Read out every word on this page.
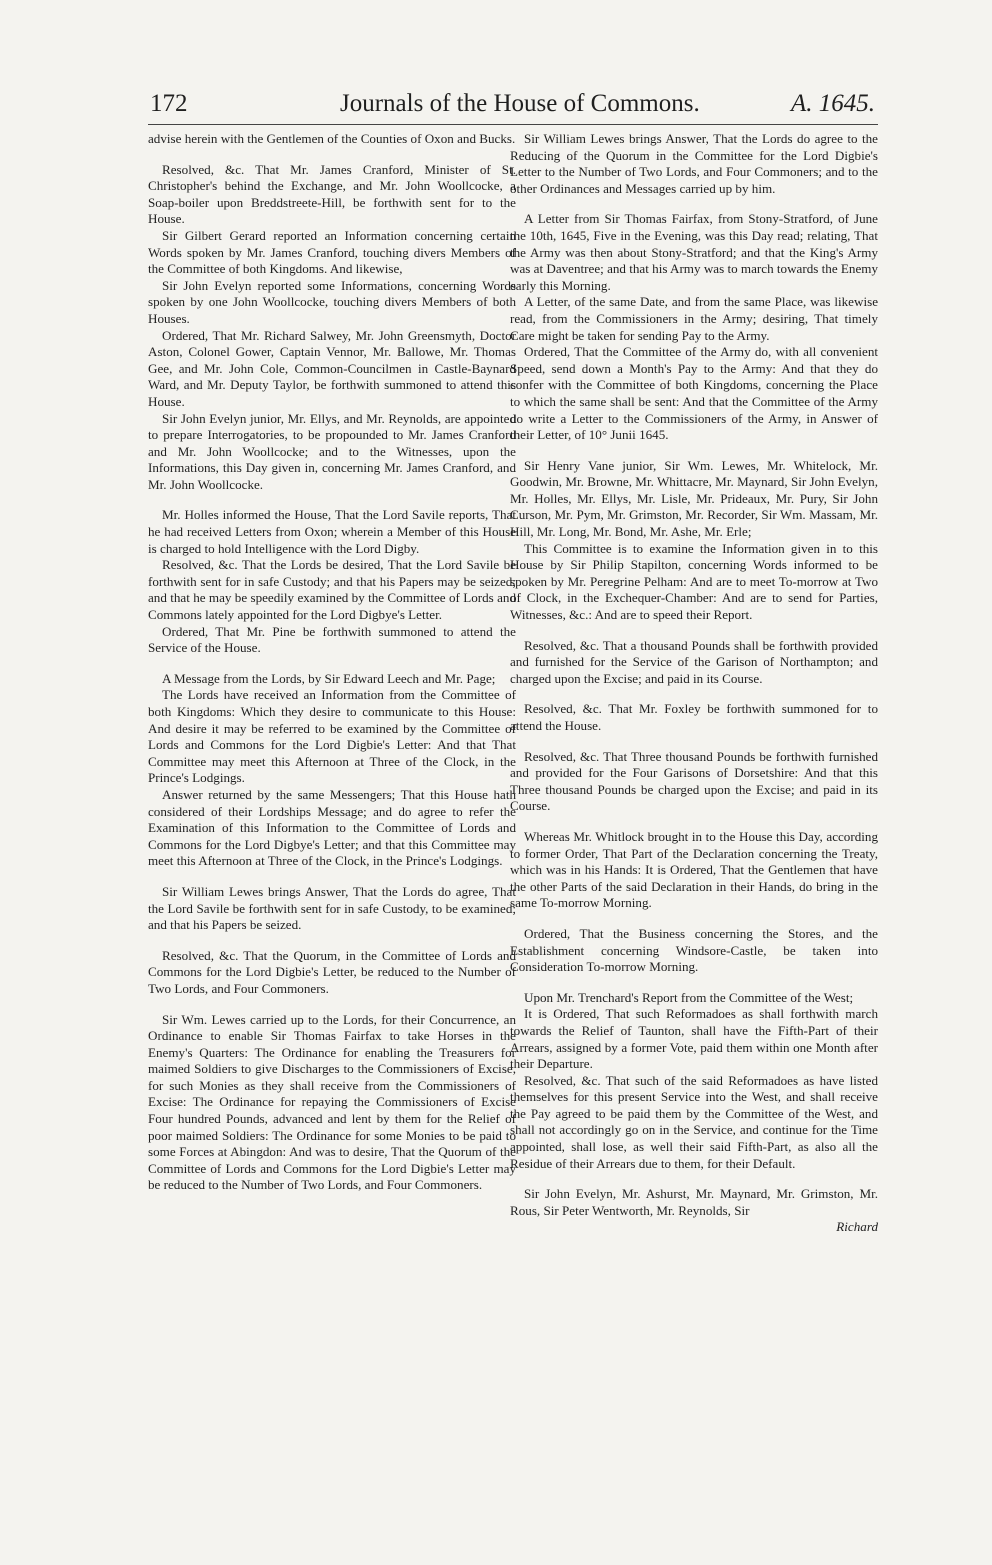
172	Journals of the House of Commons.	A. 1645.

advise herein with the Gentlemen of the Counties of Oxon and Bucks.

Resolved, &c. That Mr. James Cranford, Minister of St. Christopher's behind the Exchange, and Mr. John Woollcocke, a Soap-boiler upon Breddstreete-Hill, be forthwith sent for to the House.

Sir Gilbert Gerard reported an Information concerning certain Words spoken by Mr. James Cranford, touching divers Members of the Committee of both Kingdoms. And likewise,

Sir John Evelyn reported some Informations, concerning Words spoken by one John Woollcocke, touching divers Members of both Houses.

Ordered, That Mr. Richard Salwey, Mr. John Greensmyth, Doctor Aston, Colonel Gower, Captain Vennor, Mr. Ballowe, Mr. Thomas Gee, and Mr. John Cole, Common-Councilmen in Castle-Baynard Ward, and Mr. Deputy Taylor, be forthwith summoned to attend this House.

Sir John Evelyn junior, Mr. Ellys, and Mr. Reynolds, are appointed to prepare Interrogatories, to be propounded to Mr. James Cranford and Mr. John Woollcocke; and to the Witnesses, upon the Informations, this Day given in, concerning Mr. James Cranford, and Mr. John Woollcocke.

Mr. Holles informed the House, That the Lord Savile reports, That he had received Letters from Oxon; wherein a Member of this House is charged to hold Intelligence with the Lord Digby.

Resolved, &c. That the Lords be desired, That the Lord Savile be forthwith sent for in safe Custody; and that his Papers may be seized; and that he may be speedily examined by the Committee of Lords and Commons lately appointed for the Lord Digbye's Letter.

Ordered, That Mr. Pine be forthwith summoned to attend the Service of the House.

A Message from the Lords, by Sir Edward Leech and Mr. Page;

The Lords have received an Information from the Committee of both Kingdoms: Which they desire to communicate to this House: And desire it may be referred to be examined by the Committee of Lords and Commons for the Lord Digbie's Letter: And that That Committee may meet this Afternoon at Three of the Clock, in the Prince's Lodgings.

Answer returned by the same Messengers; That this House hath considered of their Lordships Message; and do agree to refer the Examination of this Information to the Committee of Lords and Commons for the Lord Digbye's Letter; and that this Committee may meet this Afternoon at Three of the Clock, in the Prince's Lodgings.

Sir William Lewes brings Answer, That the Lords do agree, That the Lord Savile be forthwith sent for in safe Custody, to be examined; and that his Papers be seized.

Resolved, &c. That the Quorum, in the Committee of Lords and Commons for the Lord Digbie's Letter, be reduced to the Number of Two Lords, and Four Commoners.

Sir Wm. Lewes carried up to the Lords, for their Concurrence, an Ordinance to enable Sir Thomas Fairfax to take Horses in the Enemy's Quarters: The Ordinance for enabling the Treasurers for maimed Soldiers to give Discharges to the Commissioners of Excise, for such Monies as they shall receive from the Commissioners of Excise: The Ordinance for repaying the Commissioners of Excise Four hundred Pounds, advanced and lent by them for the Relief of poor maimed Soldiers: The Ordinance for some Monies to be paid to some Forces at Abingdon: And was to desire, That the Quorum of the Committee of Lords and Commons for the Lord Digbie's Letter may be reduced to the Number of Two Lords, and Four Commoners.

Sir William Lewes brings Answer, That the Lords do agree to the Reducing of the Quorum in the Committee for the Lord Digbie's Letter to the Number of Two Lords, and Four Commoners; and to the other Ordinances and Messages carried up by him.

A Letter from Sir Thomas Fairfax, from Stony-Stratford, of June the 10th, 1645, Five in the Evening, was this Day read; relating, That the Army was then about Stony-Stratford; and that the King's Army was at Daventree; and that his Army was to march towards the Enemy early this Morning.

A Letter, of the same Date, and from the same Place, was likewise read, from the Commissioners in the Army; desiring, That timely Care might be taken for sending Pay to the Army.

Ordered, That the Committee of the Army do, with all convenient Speed, send down a Month's Pay to the Army: And that they do confer with the Committee of both Kingdoms, concerning the Place to which the same shall be sent: And that the Committee of the Army do write a Letter to the Commissioners of the Army, in Answer of their Letter, of 10° Junii 1645.

Sir Henry Vane junior, Sir Wm. Lewes, Mr. Whitelock, Mr. Goodwin, Mr. Browne, Mr. Whittacre, Mr. Maynard, Sir John Evelyn, Mr. Holles, Mr. Ellys, Mr. Lisle, Mr. Prideaux, Mr. Pury, Sir John Curson, Mr. Pym, Mr. Grimston, Mr. Recorder, Sir Wm. Massam, Mr. Hill, Mr. Long, Mr. Bond, Mr. Ashe, Mr. Erle;

This Committee is to examine the Information given in to this House by Sir Philip Stapilton, concerning Words informed to be spoken by Mr. Peregrine Pelham: And are to meet To-morrow at Two of Clock, in the Exchequer-Chamber: And are to send for Parties, Witnesses, &c.: And are to speed their Report.

Resolved, &c. That a thousand Pounds shall be forthwith provided and furnished for the Service of the Garison of Northampton; and charged upon the Excise; and paid in its Course.

Resolved, &c. That Mr. Foxley be forthwith summoned for to attend the House.

Resolved, &c. That Three thousand Pounds be forthwith furnished and provided for the Four Garisons of Dorsetshire: And that this Three thousand Pounds be charged upon the Excise; and paid in its Course.

Whereas Mr. Whitlock brought in to the House this Day, according to former Order, That Part of the Declaration concerning the Treaty, which was in his Hands: It is Ordered, That the Gentlemen that have the other Parts of the said Declaration in their Hands, do bring in the same To-morrow Morning.

Ordered, That the Business concerning the Stores, and the Establishment concerning Windsore-Castle, be taken into Consideration To-morrow Morning.

Upon Mr. Trenchard's Report from the Committee of the West;

It is Ordered, That such Reformadoes as shall forthwith march towards the Relief of Taunton, shall have the Fifth-Part of their Arrears, assigned by a former Vote, paid them within one Month after their Departure.

Resolved, &c. That such of the said Reformadoes as have listed themselves for this present Service into the West, and shall receive the Pay agreed to be paid them by the Committee of the West, and shall not accordingly go on in the Service, and continue for the Time appointed, shall lose, as well their said Fifth-Part, as also all the Residue of their Arrears due to them, for their Default.

Sir John Evelyn, Mr. Ashurst, Mr. Maynard, Mr. Grimston, Mr. Rous, Sir Peter Wentworth, Mr. Reynolds, Sir

Richard
